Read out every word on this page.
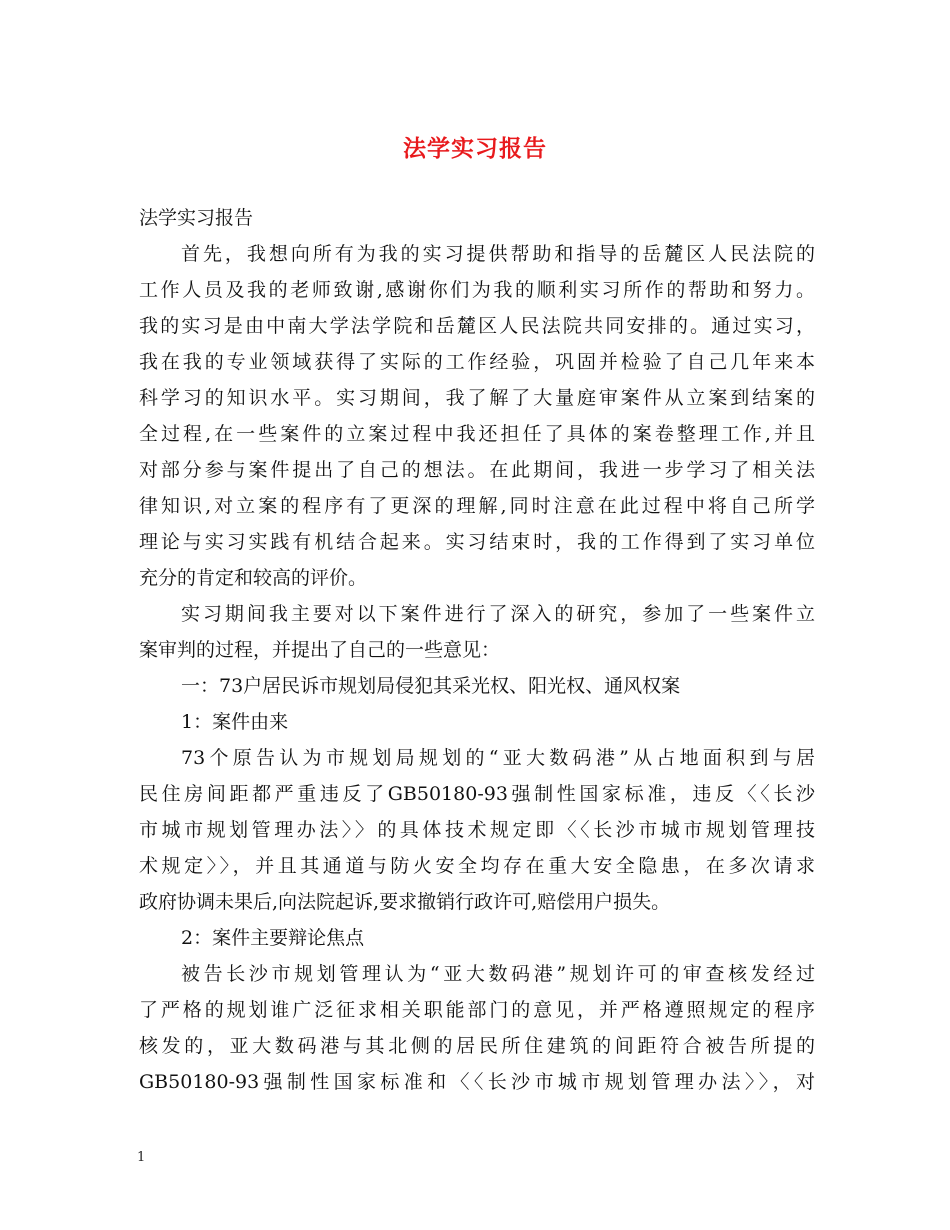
法学实习报告
法学实习报告
首先，我想向所有为我的实习提供帮助和指导的岳麓区人民法院的
工作人员及我的老师致谢,感谢你们为我的顺利实习所作的帮助和努力。
我的实习是由中南大学法学院和岳麓区人民法院共同安排的。通过实习，
我在我的专业领域获得了实际的工作经验，巩固并检验了自己几年来本
科学习的知识水平。实习期间，我了解了大量庭审案件从立案到结案的
全过程,在一些案件的立案过程中我还担任了具体的案卷整理工作,并且
对部分参与案件提出了自己的想法。在此期间，我进一步学习了相关法
律知识,对立案的程序有了更深的理解,同时注意在此过程中将自己所学
理论与实习实践有机结合起来。实习结束时，我的工作得到了实习单位
充分的肯定和较高的评价。
实习期间我主要对以下案件进行了深入的研究，参加了一些案件立
案审判的过程，并提出了自己的一些意见：
一：73户居民诉市规划局侵犯其采光权、阳光权、通风权案
1：案件由来
73个原告认为市规划局规划的“亚大数码港”从占地面积到与居
民住房间距都严重违反了GB50180-93强制性国家标准，违反〈〈长沙
市城市规划管理办法〉〉的具体技术规定即〈〈长沙市城市规划管理技
术规定〉〉，并且其通道与防火安全均存在重大安全隐患，在多次请求
政府协调未果后,向法院起诉,要求撤销行政许可,赔偿用户损失。
2：案件主要辩论焦点
被告长沙市规划管理认为“亚大数码港”规划许可的审查核发经过
了严格的规划谁广泛征求相关职能部门的意见，并严格遵照规定的程序
核发的，亚大数码港与其北侧的居民所住建筑的间距符合被告所提的
GB50180-93强制性国家标准和〈〈长沙市城市规划管理办法〉〉，对
1
